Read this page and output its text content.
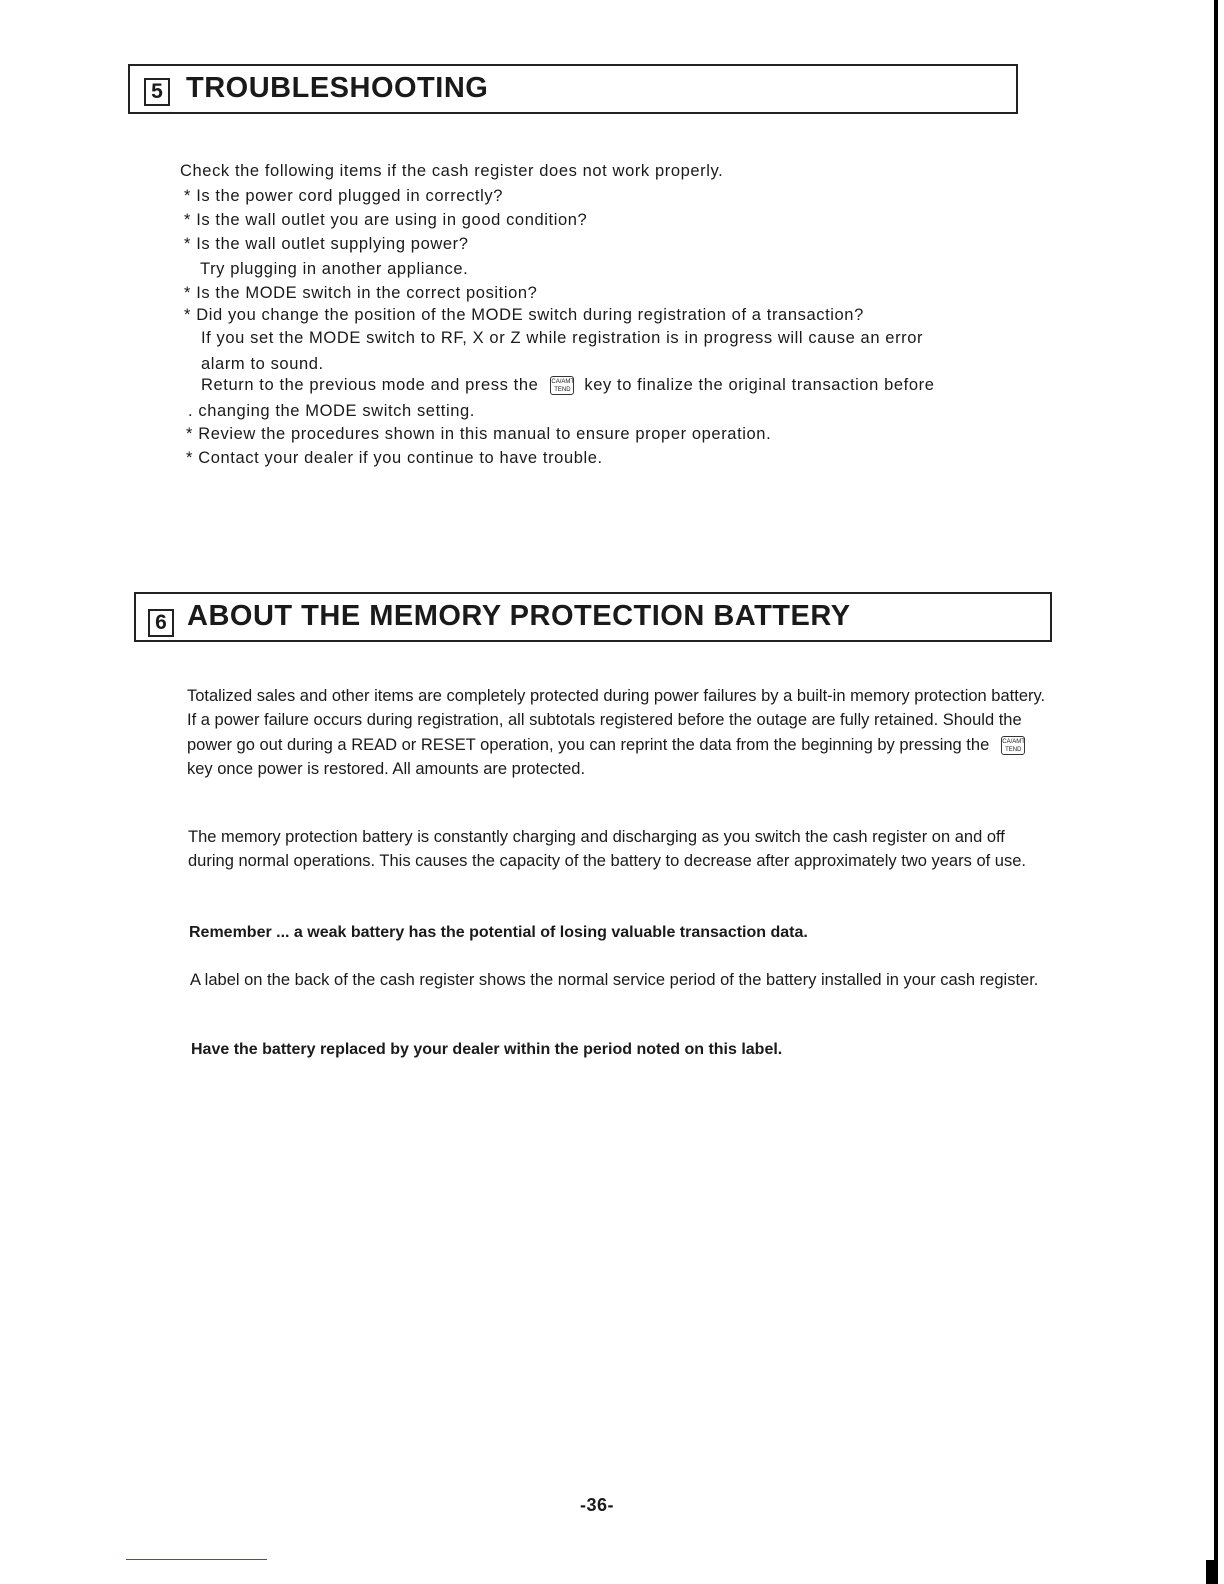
5 TROUBLESHOOTING
Check the following items if the cash register does not work properly.
* Is the power cord plugged in correctly?
* Is the wall outlet you are using in good condition?
* Is the wall outlet supplying power?
Try plugging in another appliance.
* Is the MODE switch in the correct position?
* Did you change the position of the MODE switch during registration of a transaction?
If you set the MODE switch to RF, X or Z while registration is in progress will cause an error
alarm to sound.
Return to the previous mode and press the CA/AMT
TEND key to finalize the original transaction before
. changing the MODE switch setting.
* Review the procedures shown in this manual to ensure proper operation.
* Contact your dealer if you continue to have trouble.
6 ABOUT THE MEMORY PROTECTION BATTERY
Totalized sales and other items are completely protected during power failures by a built-in memory protection battery. If a power failure occurs during registration, all subtotals registered before the outage are fully retained. Should the power go out during a READ or RESET operation, you can reprint the data from the beginning by pressing the CA/AMT
TEND
key once power is restored. All amounts are protected.
The memory protection battery is constantly charging and discharging as you switch the cash register on and off during normal operations. This causes the capacity of the battery to decrease after approximately two years of use.
Remember ... a weak battery has the potential of losing valuable transaction data.
A label on the back of the cash register shows the normal service period of the battery installed in your cash register.
Have the battery replaced by your dealer within the period noted on this label.
-36-
